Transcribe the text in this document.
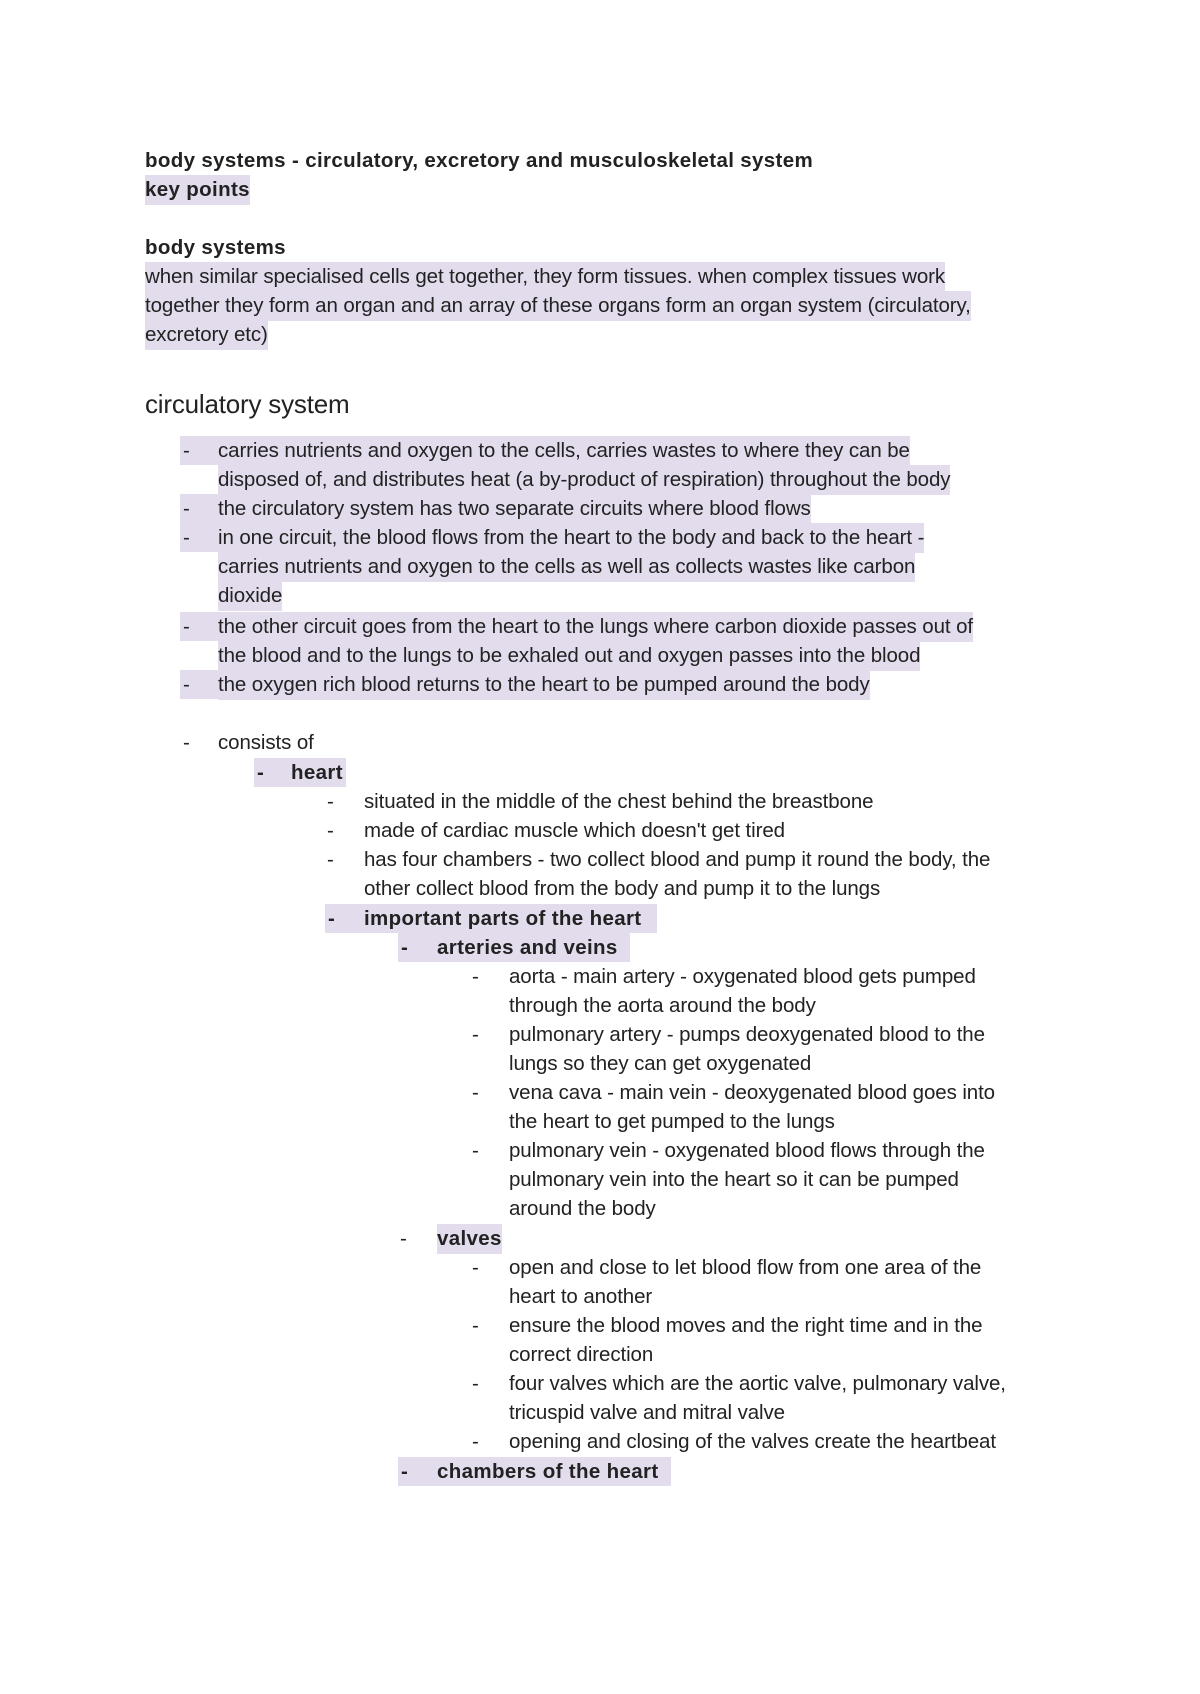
body systems - circulatory, excretory and musculoskeletal system
key points
body systems
when similar specialised cells get together, they form tissues. when complex tissues work
together they form an organ and an array of these organs form an organ system (circulatory,
excretory etc)
circulatory system
- carries nutrients and oxygen to the cells, carries wastes to where they can be
disposed of, and distributes heat (a by-product of respiration) throughout the body
- the circulatory system has two separate circuits where blood flows
- in one circuit, the blood flows from the heart to the body and back to the heart -
carries nutrients and oxygen to the cells as well as collects wastes like carbon
dioxide
- the other circuit goes from the heart to the lungs where carbon dioxide passes out of
the blood and to the lungs to be exhaled out and oxygen passes into the blood
- the oxygen rich blood returns to the heart to be pumped around the body
- consists of
- heart
- situated in the middle of the chest behind the breastbone
- made of cardiac muscle which doesn't get tired
- has four chambers - two collect blood and pump it round the body, the
other collect blood from the body and pump it to the lungs
- important parts of the heart
- arteries and veins
- aorta - main artery - oxygenated blood gets pumped
through the aorta around the body
- pulmonary artery - pumps deoxygenated blood to the
lungs so they can get oxygenated
- vena cava - main vein - deoxygenated blood goes into
the heart to get pumped to the lungs
- pulmonary vein - oxygenated blood flows through the
pulmonary vein into the heart so it can be pumped
around the body
- valves
- open and close to let blood flow from one area of the
heart to another
- ensure the blood moves and the right time and in the
correct direction
- four valves which are the aortic valve, pulmonary valve,
tricuspid valve and mitral valve
- opening and closing of the valves create the heartbeat
- chambers of the heart
